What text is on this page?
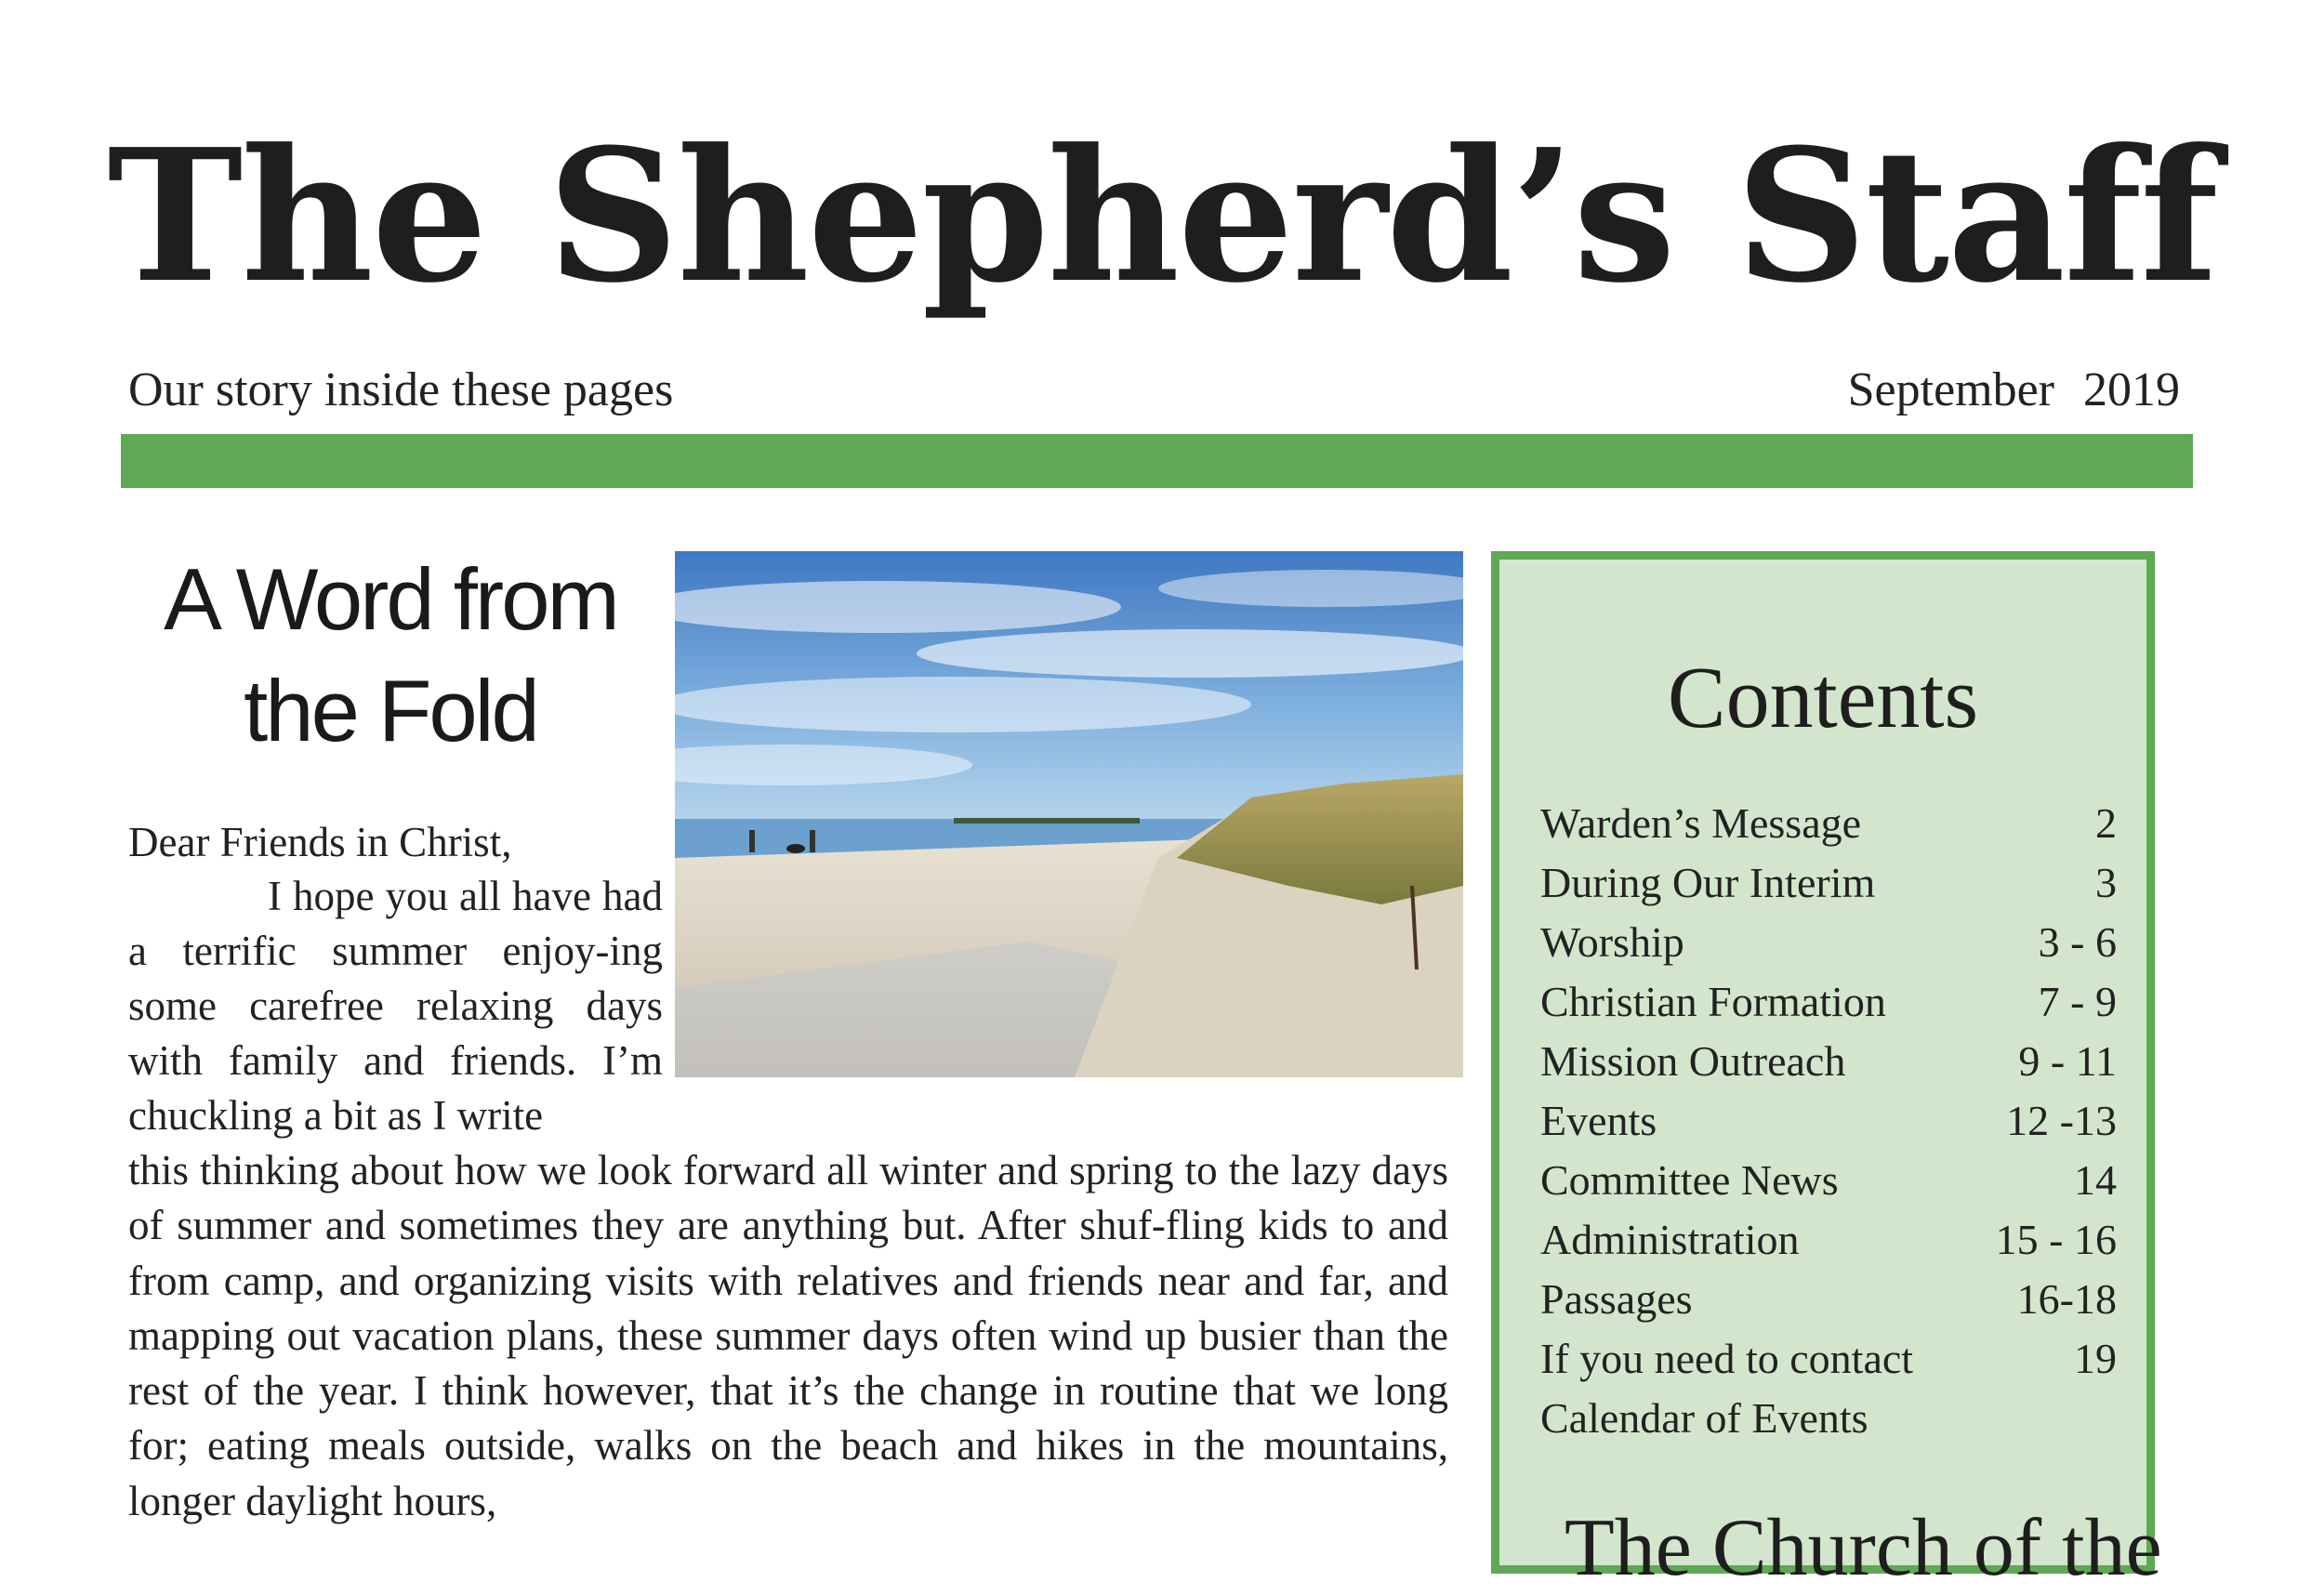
The Shepherd’s Staff
Our story inside these pages	September 2019
A Word from
the Fold
Dear Friends in Christ,

I hope you all have had a terrific summer enjoy-ing some carefree relaxing days with family and friends. I’m chuckling a bit as I write

this thinking about how we look forward all winter and spring to the lazy days of summer and sometimes they are anything but. After shuf-fling kids to and from camp, and organizing visits with relatives and friends near and far, and mapping out vacation plans, these summer days often wind up busier than the rest of the year. I think however, that it’s the change in routine that we long for; eating meals outside, walks on the beach and hikes in the mountains, longer daylight hours,

Contents
Warden’s Message	2
During Our Interim	3
Worship	3 - 6
Christian Formation	7 - 9
Mission Outreach	9 - 11
Events	12 -13
Committee News	14
Administration	15 - 16
Passages	16-18
If you need to contact	19
Calendar of Events
The Church of the
